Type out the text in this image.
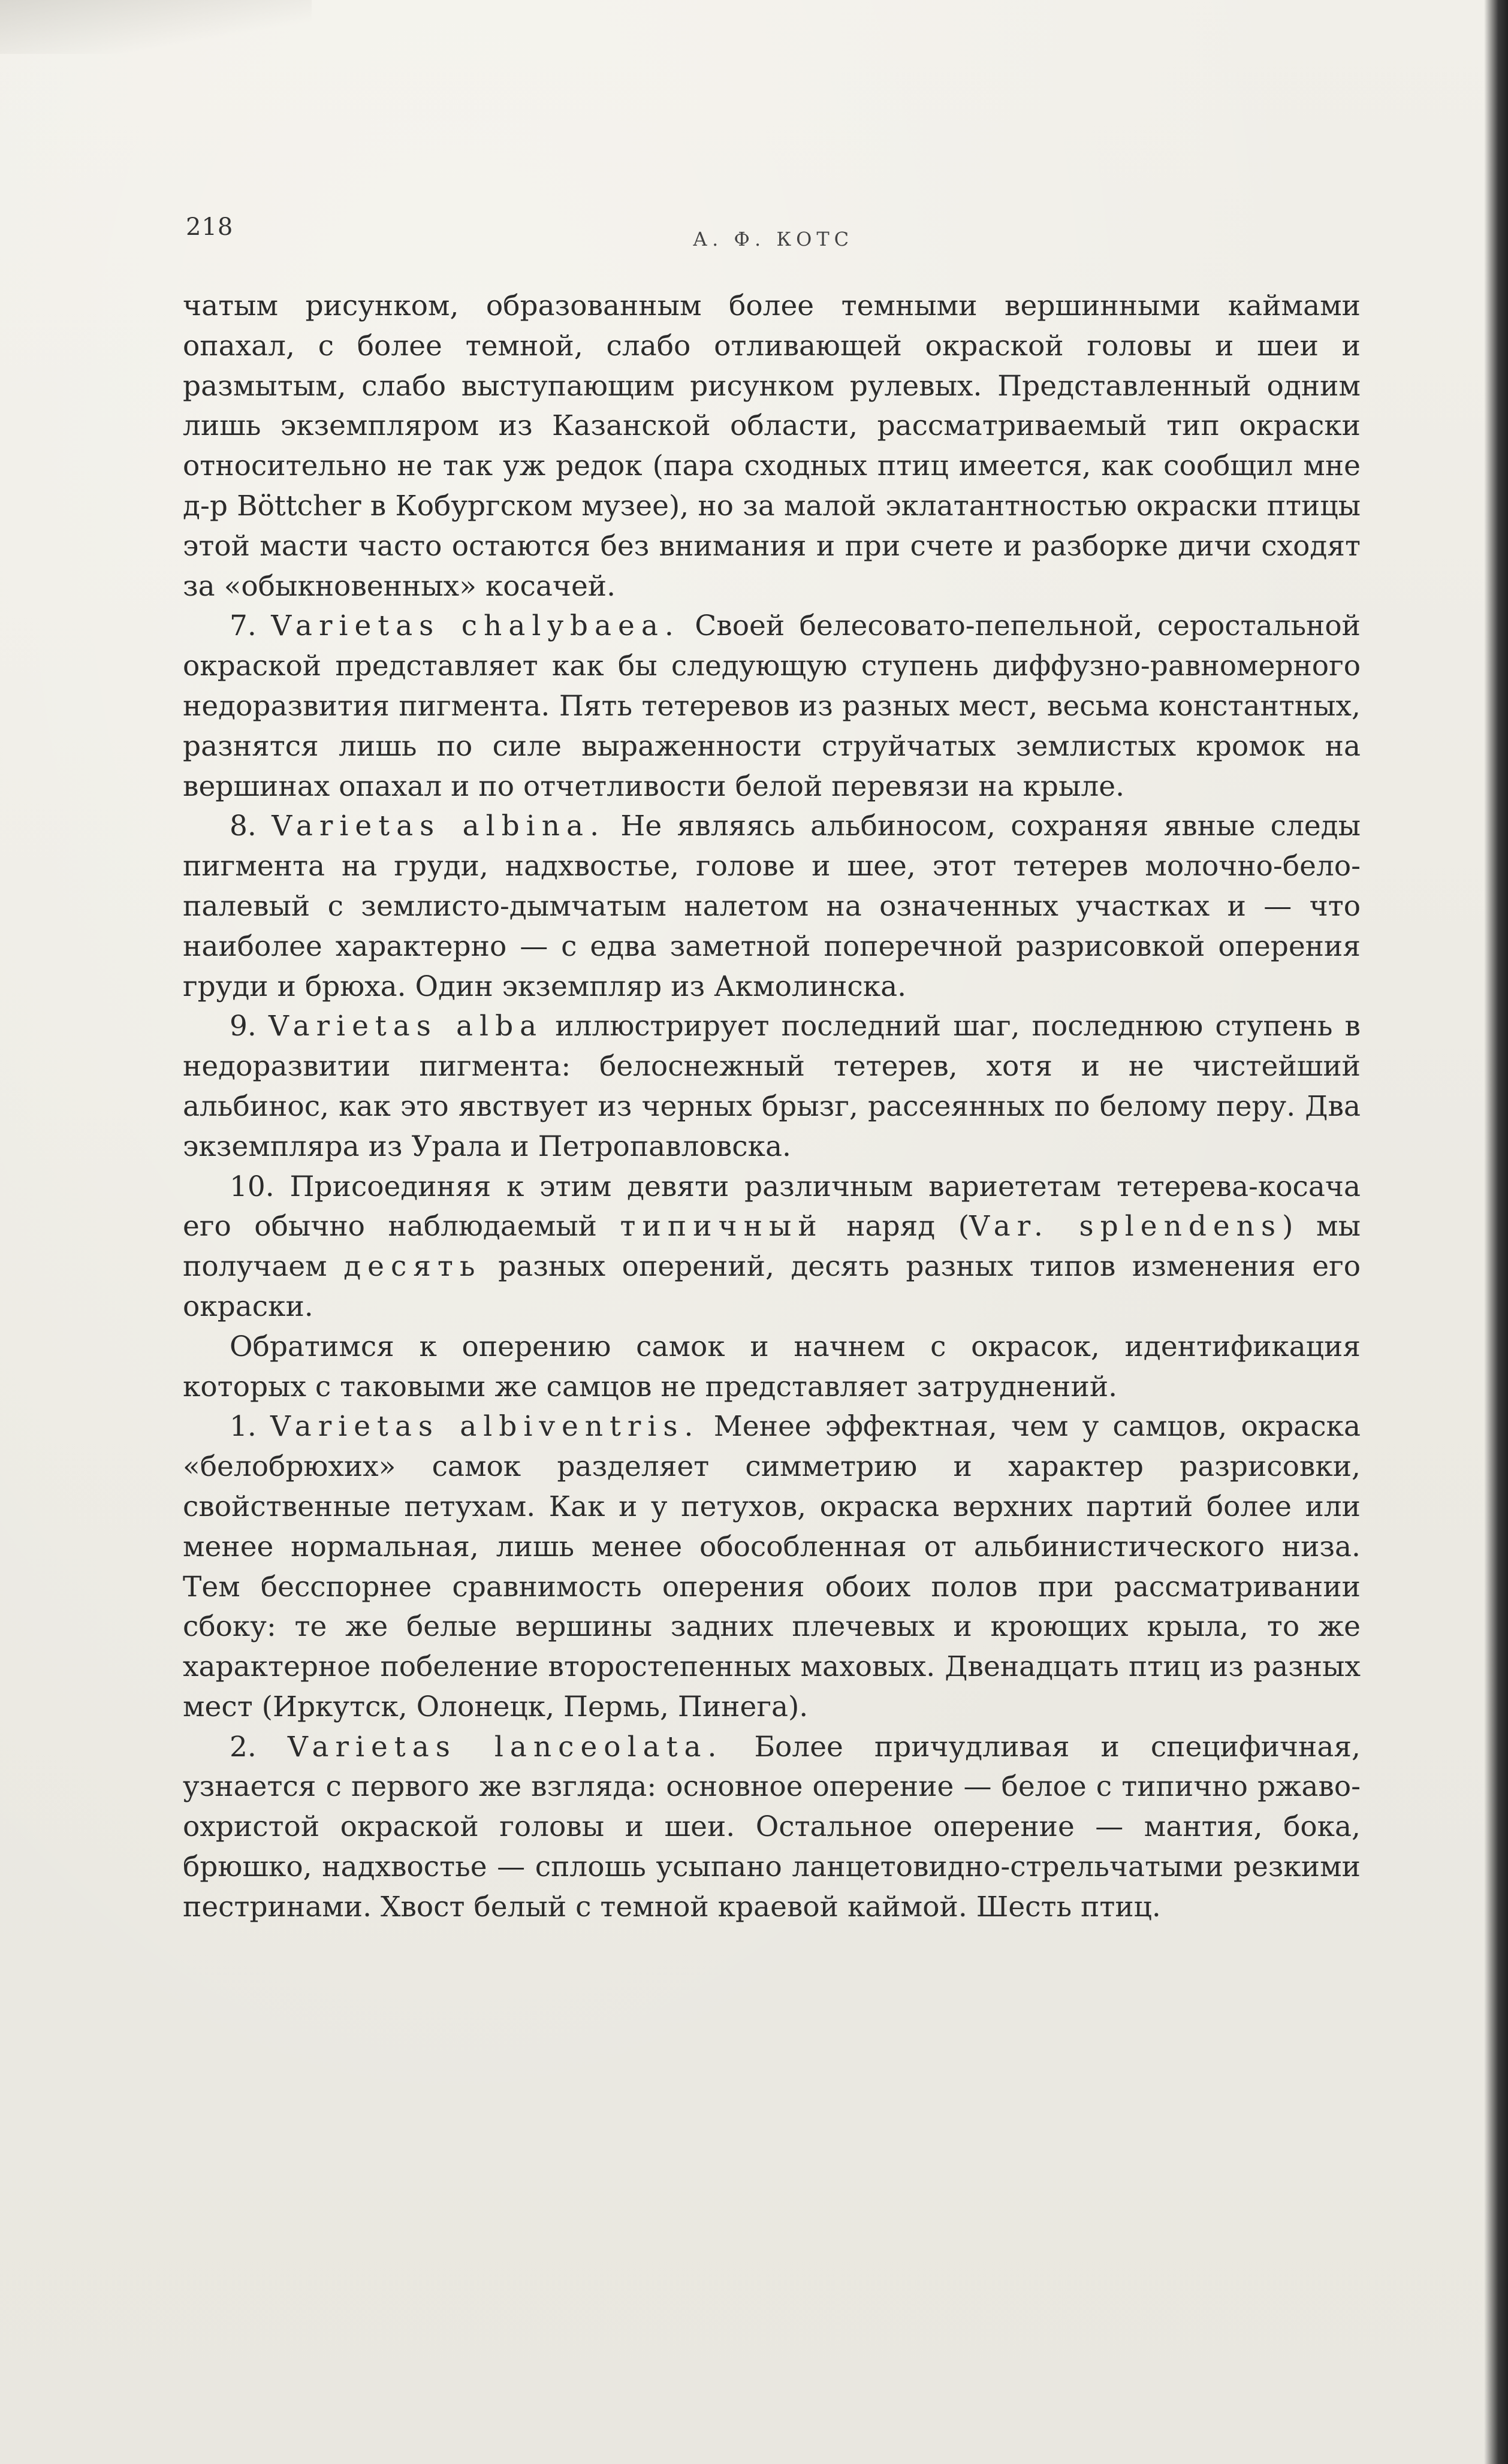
218	А. Ф. КОТС

чатым рисунком, образованным более темными вершинными каймами опахал, с более темной, слабо отливающей окраской головы и шеи и размытым, слабо выступающим рисунком рулевых. Представленный одним лишь экземпляром из Казанской области, рассматриваемый тип окраски относительно не так уж редок (пара сходных птиц имеется, как сообщил мне д-р Böttcher в Кобургском музее), но за малой эклатантностью окраски птицы этой масти часто остаются без внимания и при счете и разборке дичи сходят за «обыкновенных» косачей.

7. Varietas chalybaea. Своей белесовато-пепельной, серостальной окраской представляет как бы следующую ступень диффузно-равномерного недоразвития пигмента. Пять тетеревов из разных мест, весьма константных, разнятся лишь по силе выраженности струйчатых землистых кромок на вершинах опахал и по отчетливости белой перевязи на крыле.

8. Varietas albina. Не являясь альбиносом, сохраняя явные следы пигмента на груди, надхвостье, голове и шее, этот тетерев молочно-бело-палевый с землисто-дымчатым налетом на означенных участках и — что наиболее характерно — с едва заметной поперечной разрисовкой оперения груди и брюха. Один экземпляр из Акмолинска.

9. Varietas alba иллюстрирует последний шаг, последнюю ступень в недоразвитии пигмента: белоснежный тетерев, хотя и не чистейший альбинос, как это явствует из черных брызг, рассеянных по белому перу. Два экземпляра из Урала и Петропавловска.

10. Присоединяя к этим девяти различным вариететам тетерева-косача его обычно наблюдаемый типичный наряд (Var. splendens) мы получаем десять разных оперений, десять разных типов изменения его окраски.

Обратимся к оперению самок и начнем с окрасок, идентификация которых с таковыми же самцов не представляет затруднений.

1. Varietas albiventris. Менее эффектная, чем у самцов, окраска «белобрюхих» самок разделяет симметрию и характер разрисовки, свойственные петухам. Как и у петухов, окраска верхних партий более или менее нормальная, лишь менее обособленная от альбинистического низа. Тем бесспорнее сравнимость оперения обоих полов при рассматривании сбоку: те же белые вершины задних плечевых и кроющих крыла, то же характерное побеление второстепенных маховых. Двенадцать птиц из разных мест (Иркутск, Олонецк, Пермь, Пинега).

2. Varietas lanceolata. Более причудливая и специфичная, узнается с первого же взгляда: основное оперение — белое с типично ржаво-охристой окраской головы и шеи. Остальное оперение — мантия, бока, брюшко, надхвостье — сплошь усыпано ланцетовидно-стрельчатыми резкими пестринами. Хвост белый с темной краевой каймой. Шесть птиц.
